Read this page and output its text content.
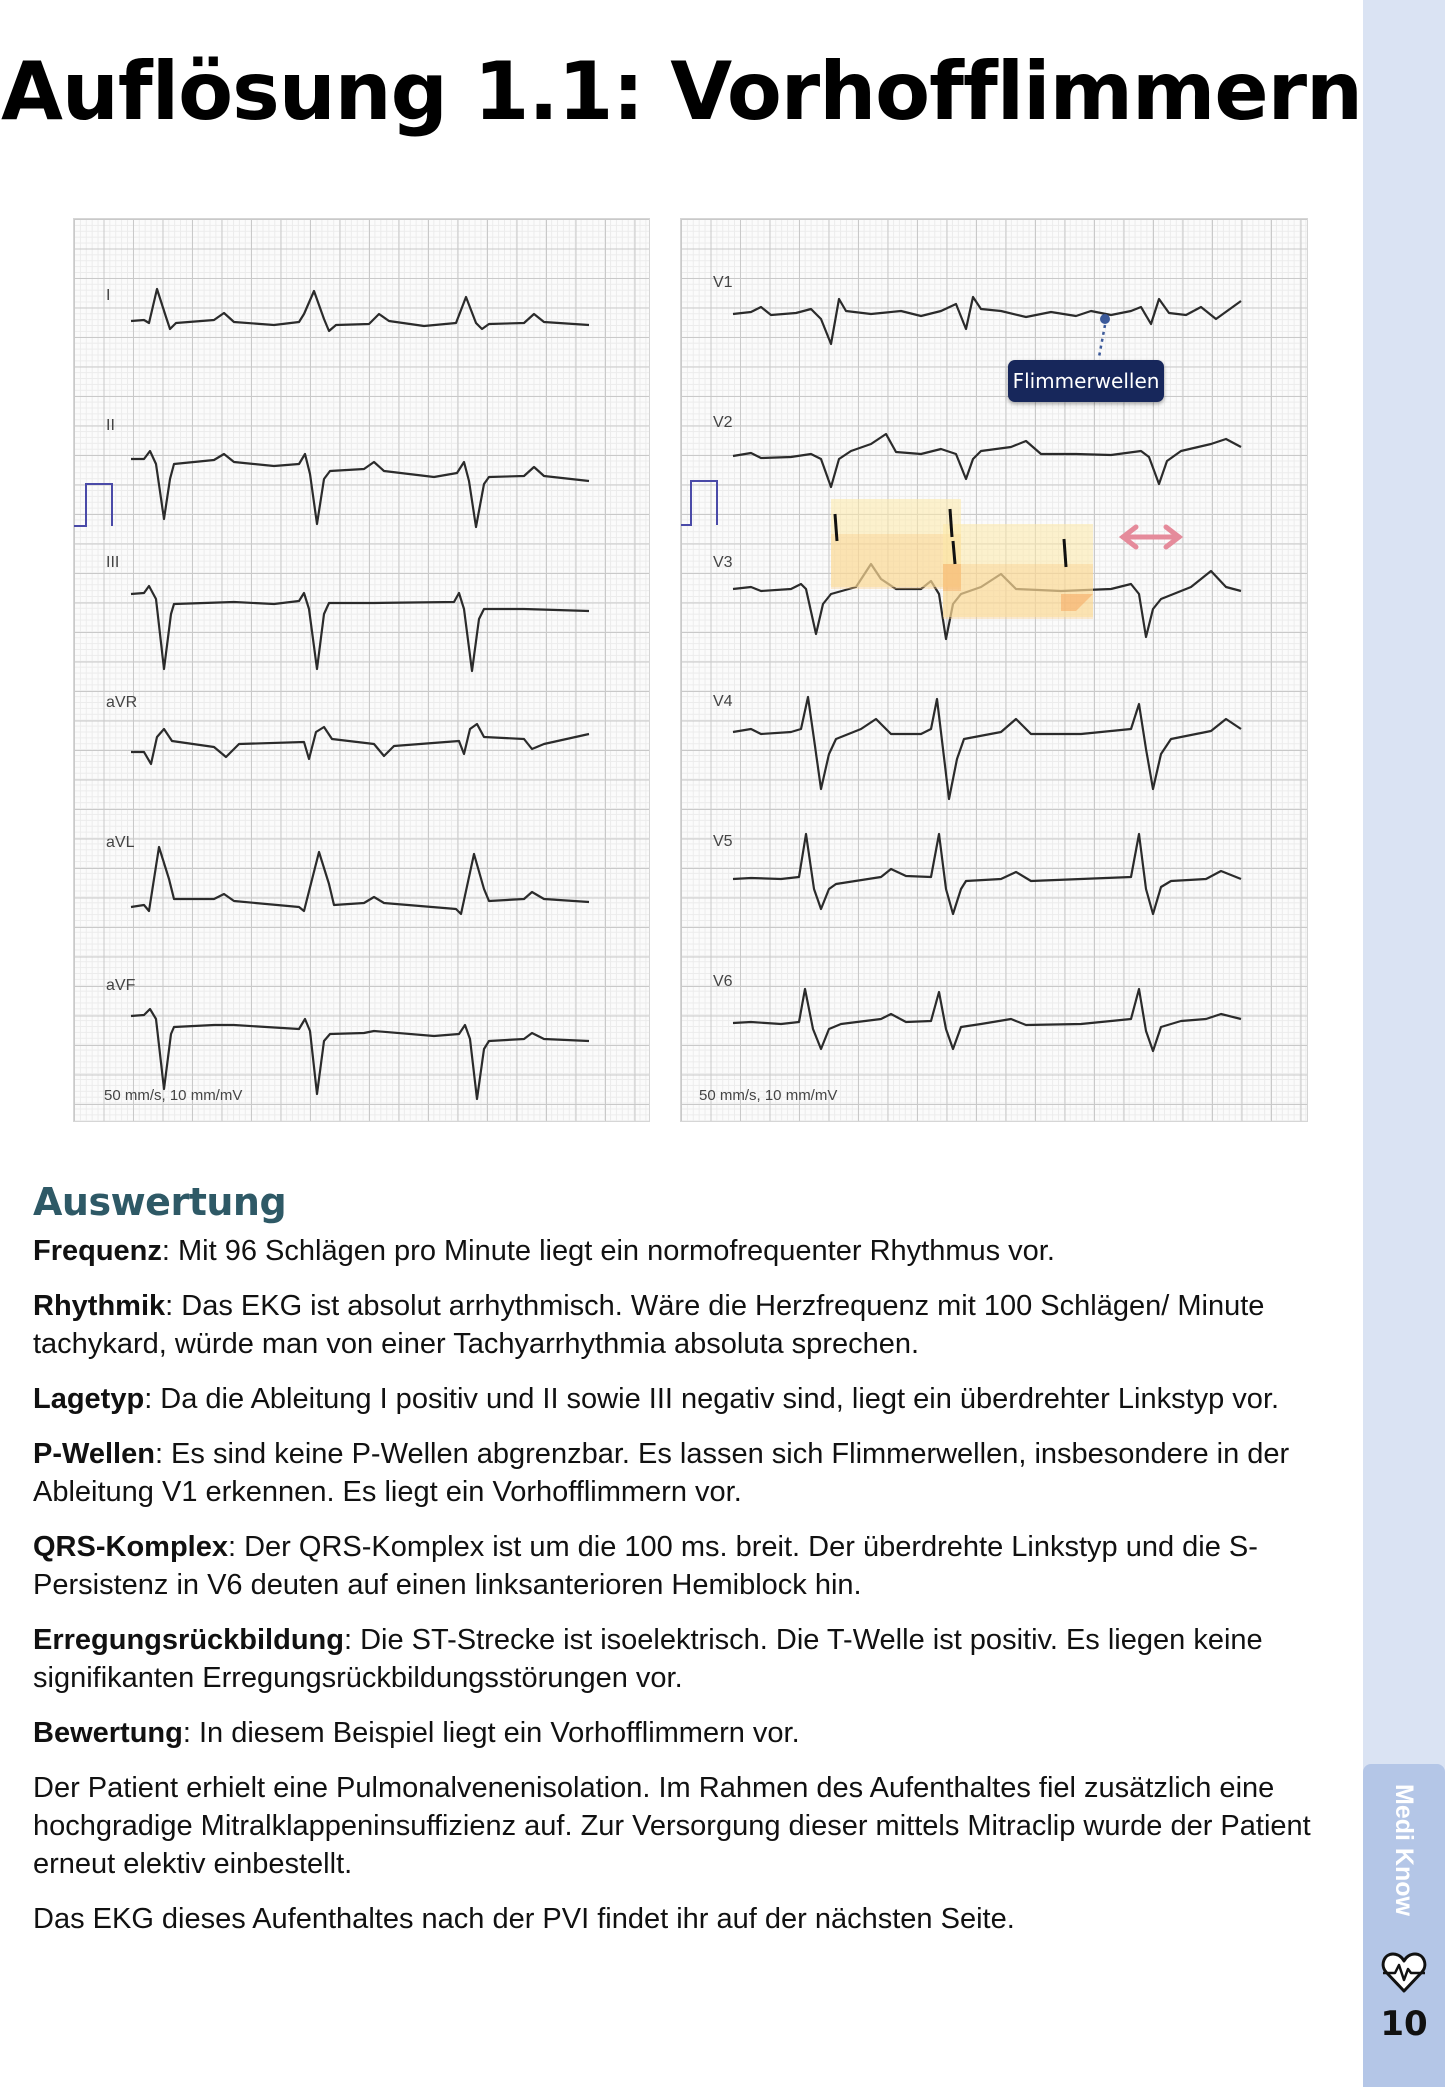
Auflösung 1.1: Vorhofflimmern
I
II
III
aVR
aVL
aVF
50 mm/s, 10 mm/mV
V1
V2
V3
V4
V5
V6
50 mm/s, 10 mm/mV
Flimmerwellen
Auswertung

Frequenz: Mit 96 Schlägen pro Minute liegt ein normofrequenter Rhythmus vor.

Rhythmik: Das EKG ist absolut arrhythmisch. Wäre die Herzfrequenz mit 100 Schlägen/ Minute tachykard, würde man von einer Tachyarrhythmia absoluta sprechen.

Lagetyp: Da die Ableitung I positiv und II sowie III negativ sind, liegt ein überdrehter Linkstyp vor.

P-Wellen: Es sind keine P-Wellen abgrenzbar. Es lassen sich Flimmerwellen, insbesondere in der Ableitung V1 erkennen. Es liegt ein Vorhofflimmern vor.

QRS-Komplex: Der QRS-Komplex ist um die 100 ms. breit. Der überdrehte Linkstyp und die S-Persistenz in V6 deuten auf einen linksanterioren Hemiblock hin.

Erregungsrückbildung: Die ST-Strecke ist isoelektrisch. Die T-Welle ist positiv. Es liegen keine signifikanten Erregungsrückbildungsstörungen vor.

Bewertung: In diesem Beispiel liegt ein Vorhofflimmern vor.

Der Patient erhielt eine Pulmonalvenenisolation. Im Rahmen des Aufenthaltes fiel zusätzlich eine hochgradige Mitralklappeninsuffizienz auf. Zur Versorgung dieser mittels Mitraclip wurde der Patient erneut elektiv einbestellt.

Das EKG dieses Aufenthaltes nach der PVI findet ihr auf der nächsten Seite.

Medi Know
10
